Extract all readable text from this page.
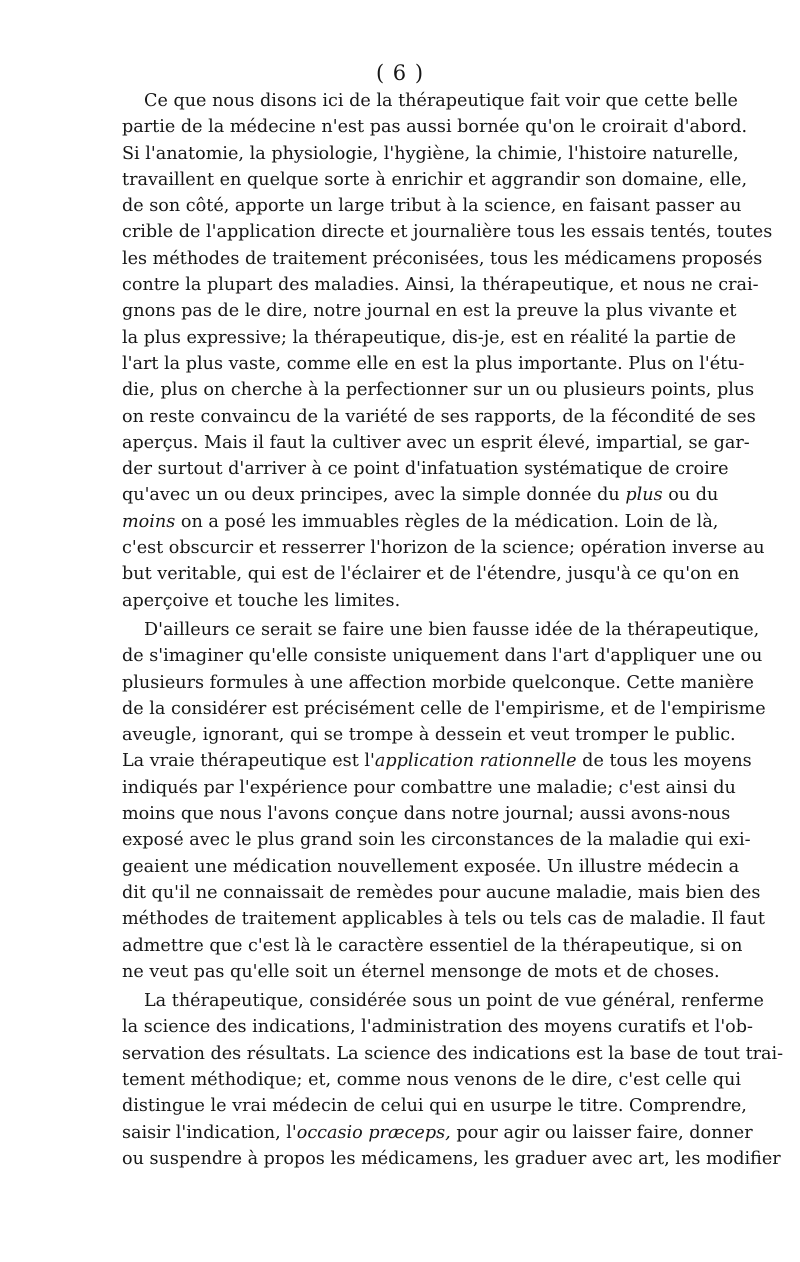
( 6 )
Ce que nous disons ici de la thérapeutique fait voir que cette belle
partie de la médecine n'est pas aussi bornée qu'on le croirait d'abord.
Si l'anatomie, la physiologie, l'hygiène, la chimie, l'histoire naturelle,
travaillent en quelque sorte à enrichir et aggrandir son domaine, elle,
de son côté, apporte un large tribut à la science, en faisant passer au
crible de l'application directe et journalière tous les essais tentés, toutes
les méthodes de traitement préconisées, tous les médicamens proposés
contre la plupart des maladies. Ainsi, la thérapeutique, et nous ne crai-
gnons pas de le dire, notre journal en est la preuve la plus vivante et
la plus expressive; la thérapeutique, dis-je, est en réalité la partie de
l'art la plus vaste, comme elle en est la plus importante. Plus on l'étu-
die, plus on cherche à la perfectionner sur un ou plusieurs points, plus
on reste convaincu de la variété de ses rapports, de la fécondité de ses
aperçus. Mais il faut la cultiver avec un esprit élevé, impartial, se gar-
der surtout d'arriver à ce point d'infatuation systématique de croire
qu'avec un ou deux principes, avec la simple donnée du plus ou du
moins on a posé les immuables règles de la médication. Loin de là,
c'est obscurcir et resserrer l'horizon de la science; opération inverse au
but veritable, qui est de l'éclairer et de l'étendre, jusqu'à ce qu'on en
aperçoive et touche les limites.
D'ailleurs ce serait se faire une bien fausse idée de la thérapeutique,
de s'imaginer qu'elle consiste uniquement dans l'art d'appliquer une ou
plusieurs formules à une affection morbide quelconque. Cette manière
de la considérer est précisément celle de l'empirisme, et de l'empirisme
aveugle, ignorant, qui se trompe à dessein et veut tromper le public.
La vraie thérapeutique est l'application rationnelle de tous les moyens
indiqués par l'expérience pour combattre une maladie; c'est ainsi du
moins que nous l'avons conçue dans notre journal; aussi avons-nous
exposé avec le plus grand soin les circonstances de la maladie qui exi-
geaient une médication nouvellement exposée. Un illustre médecin a
dit qu'il ne connaissait de remèdes pour aucune maladie, mais bien des
méthodes de traitement applicables à tels ou tels cas de maladie. Il faut
admettre que c'est là le caractère essentiel de la thérapeutique, si on
ne veut pas qu'elle soit un éternel mensonge de mots et de choses.
La thérapeutique, considérée sous un point de vue général, renferme
la science des indications, l'administration des moyens curatifs et l'ob-
servation des résultats. La science des indications est la base de tout trai-
tement méthodique; et, comme nous venons de le dire, c'est celle qui
distingue le vrai médecin de celui qui en usurpe le titre. Comprendre,
saisir l'indication, l'occasio præceps, pour agir ou laisser faire, donner
ou suspendre à propos les médicamens, les graduer avec art, les modifier
